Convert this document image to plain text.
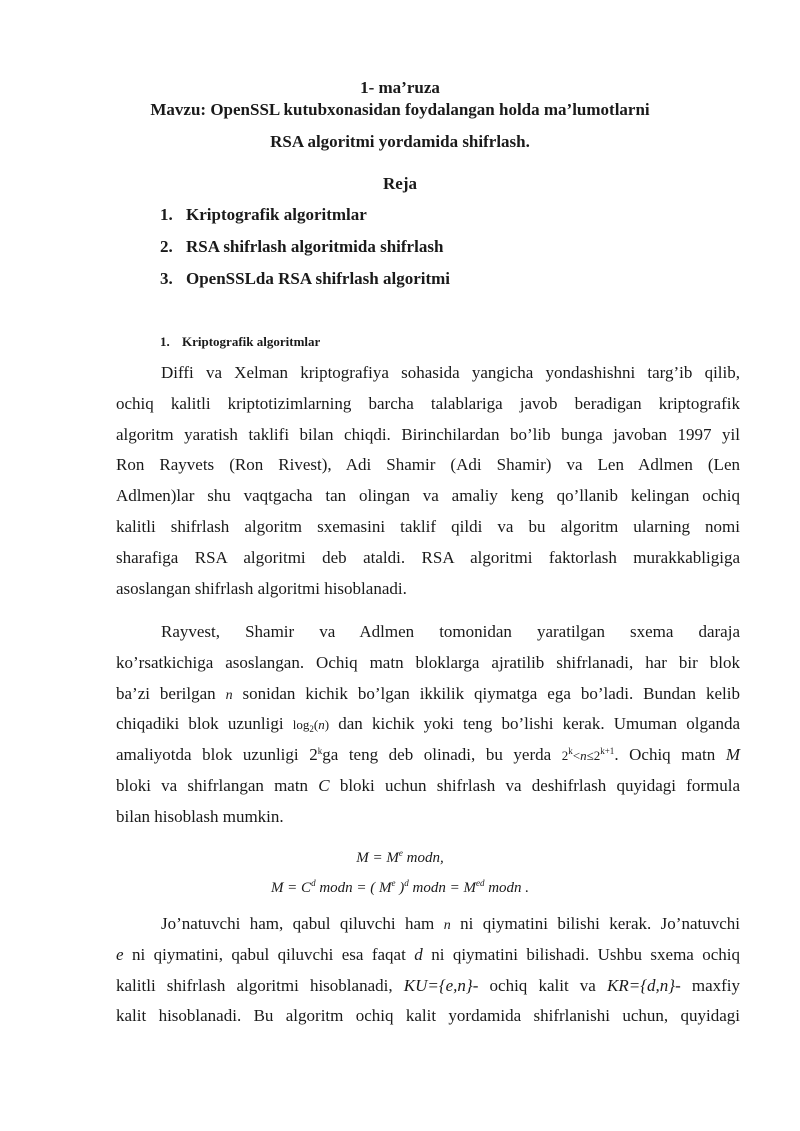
1- ma’ruza
Mavzu: OpenSSL kutubxonasidan foydalangan holda ma’lumotlarni
RSA algoritmi yordamida shifrlash.
Reja
1. Kriptografik algoritmlar
2. RSA shifrlash algoritmida shifrlash
3. OpenSSLda RSA shifrlash algoritmi
1. Kriptografik algoritmlar
Diffi va Xelman kriptografiya sohasida yangicha yondashishni targ’ib qilib,
ochiq kalitli kriptotizimlarning barcha talablariga javob beradigan kriptografik
algoritm yaratish taklifi bilan chiqdi. Birinchilardan bo’lib bunga javoban 1997 yil
Ron Rayvets (Ron Rivest), Adi Shamir (Adi Shamir) va Len Adlmen (Len
Adlmen)lar shu vaqtgacha tan olingan va amaliy keng qo’llanib kelingan ochiq
kalitli shifrlash algoritm sxemasini taklif qildi va bu algoritm ularning nomi
sharafiga RSA algoritmi deb ataldi. RSA algoritmi faktorlash murakkabligiga
asoslangan shifrlash algoritmi hisoblanadi.
Rayvest, Shamir va Adlmen tomonidan yaratilgan sxema daraja
ko’rsatkichiga asoslangan. Ochiq matn bloklarga ajratilib shifrlanadi, har bir blok
ba’zi berilgan n sonidan kichik bo’lgan ikkilik qiymatga ega bo’ladi. Bundan kelib
chiqadiki blok uzunligi $\log_2(n)$ dan kichik yoki teng bo’lishi kerak. Umuman olganda
amaliyotda blok uzunligi 2$^k$ga teng deb olinadi, bu yerda $2^k<n\le 2^{k+1}$. Ochiq matn M
bloki va shifrlangan matn C bloki uchun shifrlash va deshifrlash quyidagi formula
bilan hisoblash mumkin.
$M = M^e$ modn,
$M = C^d$ modn = ( Me )$^d$ modn = $M^{ed}$ modn .
Jo’natuvchi ham, qabul qiluvchi ham n ni qiymatini bilishi kerak. Jo’natuvchi
e ni qiymatini, qabul qiluvchi esa faqat d ni qiymatini bilishadi. Ushbu sxema ochiq
kalitli shifrlash algoritmi hisoblanadi, KU={e,n}- ochiq kalit va KR={d,n}- maxfiy
kalit hisoblanadi. Bu algoritm ochiq kalit yordamida shifrlanishi uchun, quyidagi
